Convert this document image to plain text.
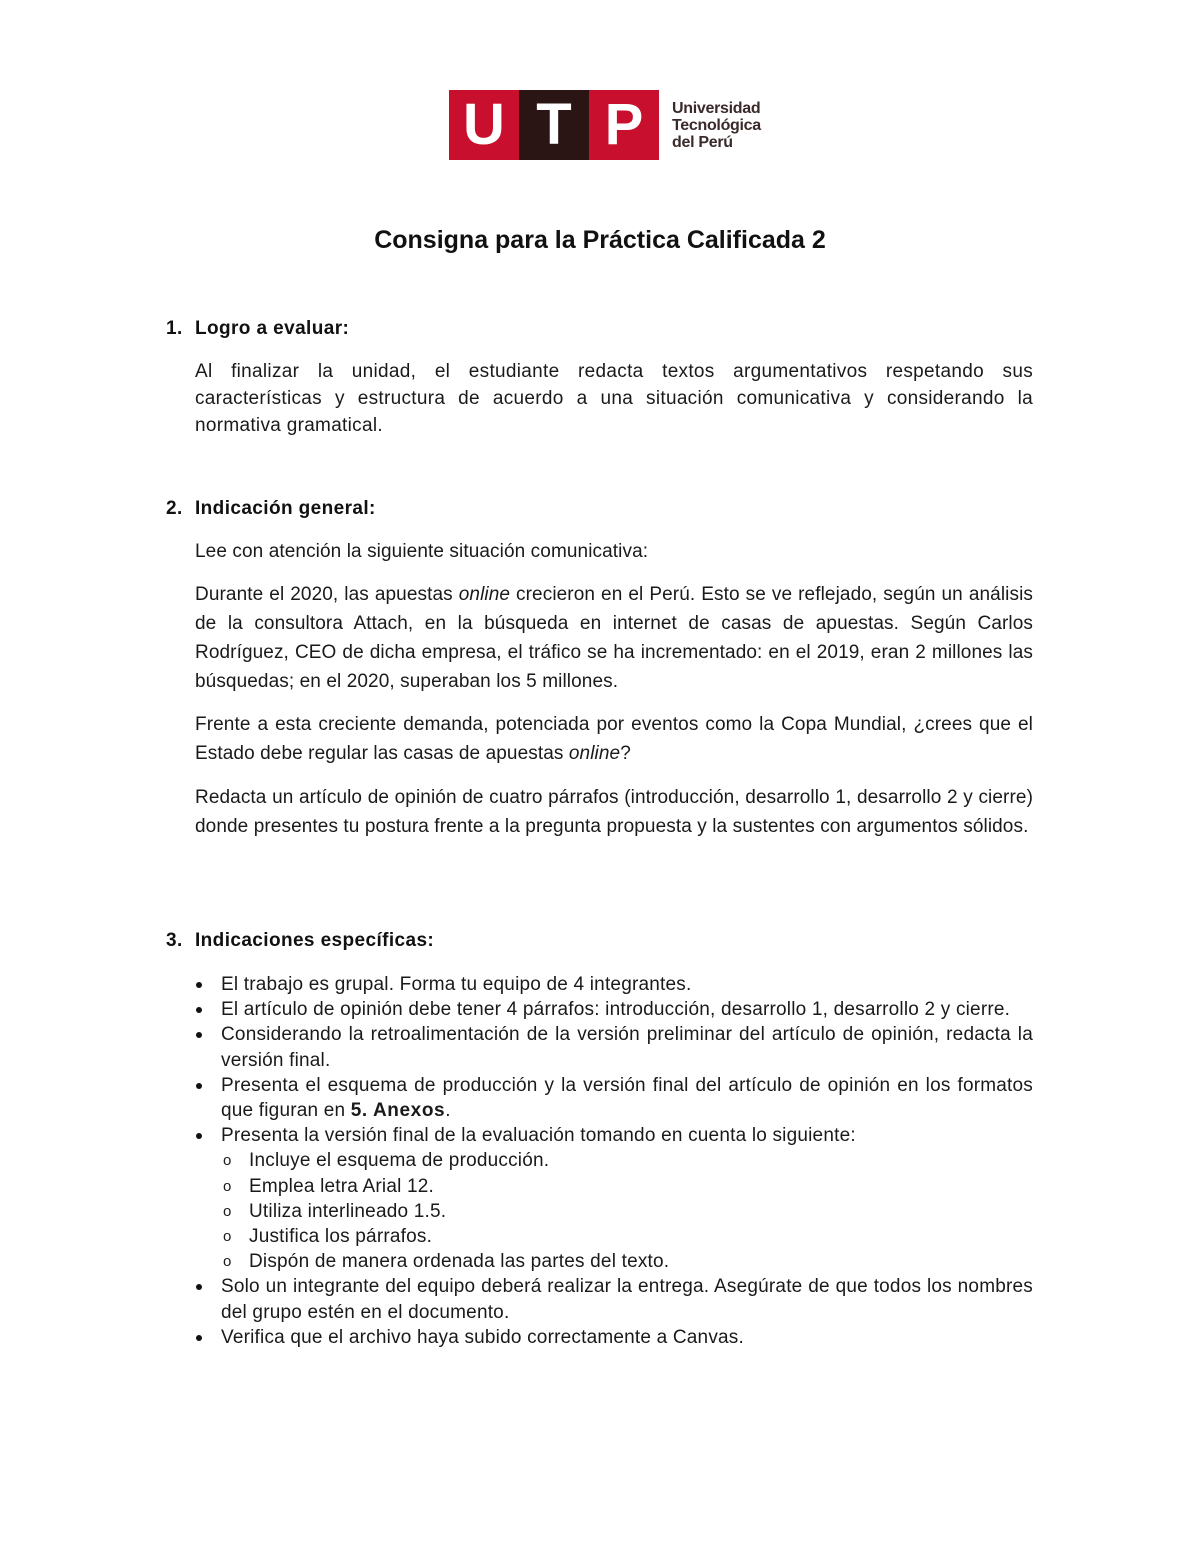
U T P	Universidad
Tecnológica
del Perú
Consigna para la Práctica Calificada 2
1. Logro a evaluar:
Al finalizar la unidad, el estudiante redacta textos argumentativos respetando sus características y estructura de acuerdo a una situación comunicativa y considerando la normativa gramatical.
2. Indicación general:
Lee con atención la siguiente situación comunicativa:
Durante el 2020, las apuestas online crecieron en el Perú. Esto se ve reflejado, según un análisis de la consultora Attach, en la búsqueda en internet de casas de apuestas. Según Carlos Rodríguez, CEO de dicha empresa, el tráfico se ha incrementado: en el 2019, eran 2 millones las búsquedas; en el 2020, superaban los 5 millones.
Frente a esta creciente demanda, potenciada por eventos como la Copa Mundial, ¿crees que el Estado debe regular las casas de apuestas online?
Redacta un artículo de opinión de cuatro párrafos (introducción, desarrollo 1, desarrollo 2 y cierre) donde presentes tu postura frente a la pregunta propuesta y la sustentes con argumentos sólidos.
3. Indicaciones específicas:
El trabajo es grupal. Forma tu equipo de 4 integrantes.
El artículo de opinión debe tener 4 párrafos: introducción, desarrollo 1, desarrollo 2 y cierre.
Considerando la retroalimentación de la versión preliminar del artículo de opinión, redacta la versión final.
Presenta el esquema de producción y la versión final del artículo de opinión en los formatos que figuran en 5. Anexos.
Presenta la versión final de la evaluación tomando en cuenta lo siguiente:
o Incluye el esquema de producción.
o Emplea letra Arial 12.
o Utiliza interlineado 1.5.
o Justifica los párrafos.
o Dispón de manera ordenada las partes del texto.
Solo un integrante del equipo deberá realizar la entrega. Asegúrate de que todos los nombres del grupo estén en el documento.
Verifica que el archivo haya subido correctamente a Canvas.
